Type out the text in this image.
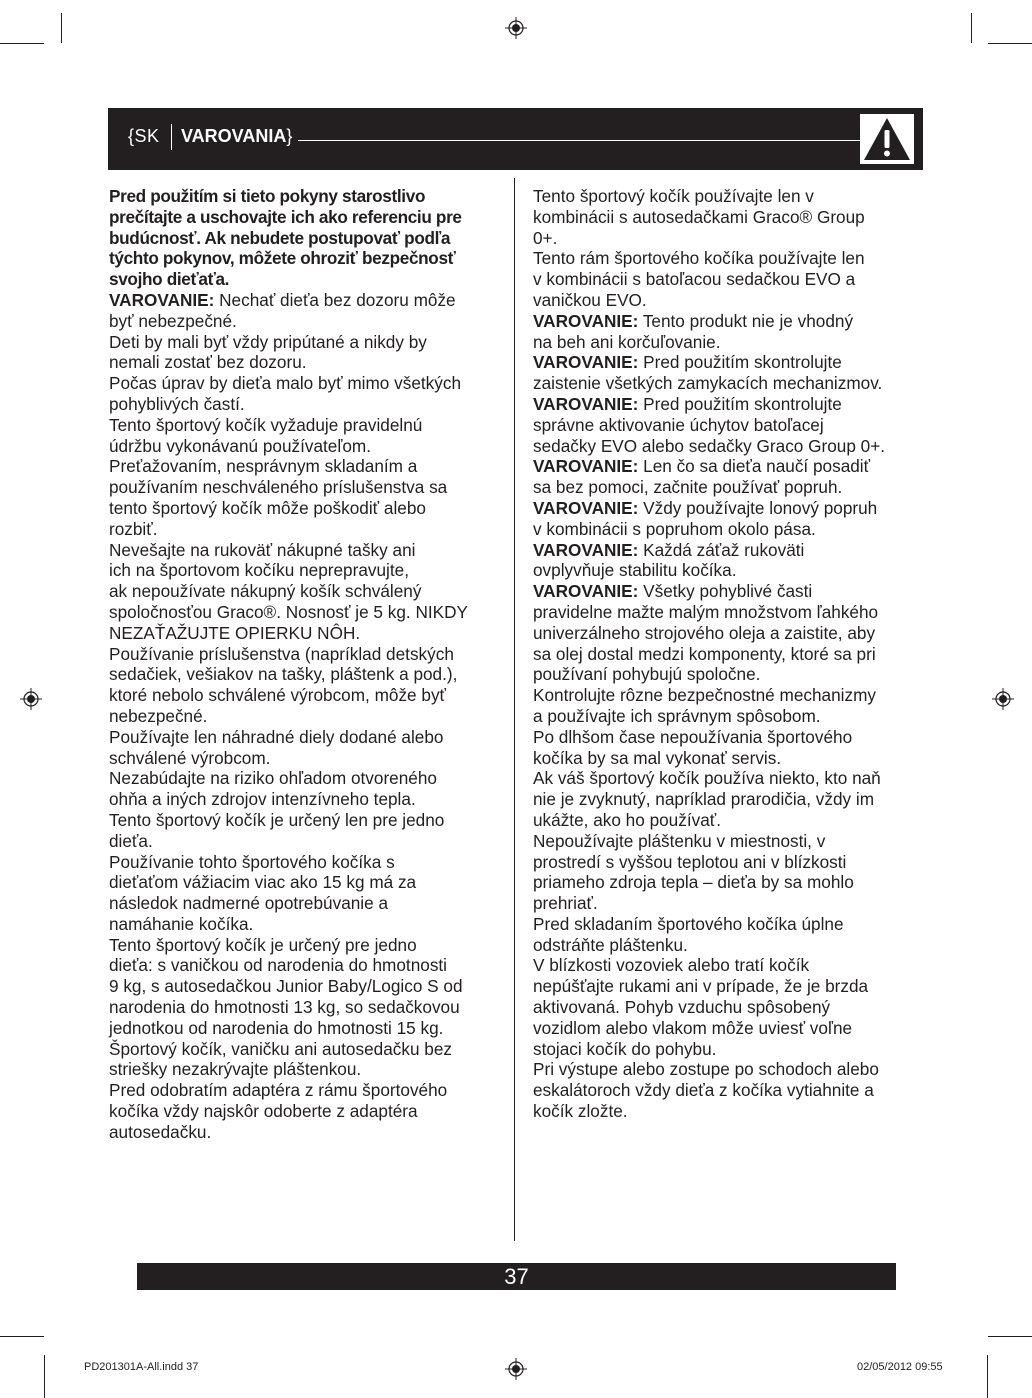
{SK VAROVANIA}

Pred použitím si tieto pokyny starostlivo
prečítajte a uschovajte ich ako referenciu pre
budúcnosť. Ak nebudete postupovať podľa
týchto pokynov, môžete ohroziť bezpečnosť
svojho dieťaťa.

VAROVANIE: Nechať dieťa bez dozoru môže
byť nebezpečné.

Deti by mali byť vždy pripútané a nikdy by
nemali zostať bez dozoru.

Počas úprav by dieťa malo byť mimo všetkých
pohyblivých častí.

Tento športový kočík vyžaduje pravidelnú
údržbu vykonávanú používateľom.

Preťažovaním, nesprávnym skladaním a
používaním neschváleného príslušenstva sa
tento športový kočík môže poškodiť alebo
rozbiť.

Nevešajte na rukoväť nákupné tašky ani
ich na športovom kočíku neprepravujte,
ak nepoužívate nákupný košík schválený
spoločnosťou Graco®. Nosnosť je 5 kg. NIKDY
NEZAŤAŽUJTE OPIERKU NÔH.

Používanie príslušenstva (napríklad detských
sedačiek, vešiakov na tašky, pláštenk a pod.),
ktoré nebolo schválené výrobcom, môže byť
nebezpečné.

Používajte len náhradné diely dodané alebo
schválené výrobcom.

Nezabúdajte na riziko ohľadom otvoreného
ohňa a iných zdrojov intenzívneho tepla.

Tento športový kočík je určený len pre jedno
dieťa.

Používanie tohto športového kočíka s
dieťaťom vážiacim viac ako 15 kg má za
následok nadmerné opotrebúvanie a
namáhanie kočíka.

Tento športový kočík je určený pre jedno
dieťa: s vaničkou od narodenia do hmotnosti
9 kg, s autosedačkou Junior Baby/Logico S od
narodenia do hmotnosti 13 kg, so sedačkovou
jednotkou od narodenia do hmotnosti 15 kg.

Športový kočík, vaničku ani autosedačku bez
striešky nezakrývajte pláštenkou.

Pred odobratím adaptéra z rámu športového
kočíka vždy najskôr odoberte z adaptéra
autosedačku.

Tento športový kočík používajte len v
kombinácii s autosedačkami Graco® Group
0+.

Tento rám športového kočíka používajte len
v kombinácii s batoľacou sedačkou EVO a
vaničkou EVO.

VAROVANIE: Tento produkt nie je vhodný
na beh ani korčuľovanie.

VAROVANIE: Pred použitím skontrolujte
zaistenie všetkých zamykacích mechanizmov.

VAROVANIE: Pred použitím skontrolujte
správne aktivovanie úchytov batoľacej
sedačky EVO alebo sedačky Graco Group 0+.

VAROVANIE: Len čo sa dieťa naučí posadiť
sa bez pomoci, začnite používať popruh.

VAROVANIE: Vždy používajte lonový popruh
v kombinácii s popruhom okolo pása.

VAROVANIE: Každá záťaž rukoväti
ovplyvňuje stabilitu kočíka.

VAROVANIE: Všetky pohyblivé časti
pravidelne mažte malým množstvom ľahkého
univerzálneho strojového oleja a zaistite, aby
sa olej dostal medzi komponenty, ktoré sa pri
používaní pohybujú spoločne.

Kontrolujte rôzne bezpečnostné mechanizmy
a používajte ich správnym spôsobom.

Po dlhšom čase nepoužívania športového
kočíka by sa mal vykonať servis.

Ak váš športový kočík používa niekto, kto naň
nie je zvyknutý, napríklad prarodičia, vždy im
ukážte, ako ho používať.

Nepoužívajte pláštenku v miestnosti, v
prostredí s vyššou teplotou ani v blízkosti
priameho zdroja tepla – dieťa by sa mohlo
prehriať.

Pred skladaním športového kočíka úplne
odstráňte pláštenku.

V blízkosti vozoviek alebo tratí kočík
nepúšťajte rukami ani v prípade, že je brzda
aktivovaná. Pohyb vzduchu spôsobený
vozidlom alebo vlakom môže uviesť voľne
stojaci kočík do pohybu.

Pri výstupe alebo zostupe po schodoch alebo
eskalátoroch vždy dieťa z kočíka vytiahnite a
kočík zložte.

37
PD201301A-All.indd 37	02/05/2012 09:55
